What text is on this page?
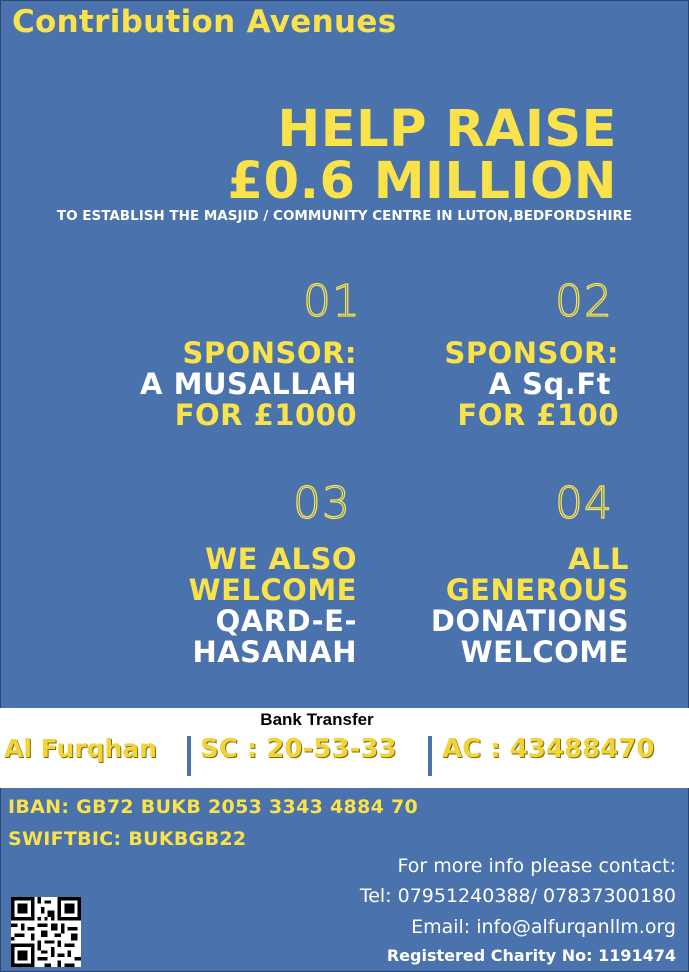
Contribution Avenues
HELP RAISE
£0.6 MILLION
TO ESTABLISH THE MASJID / COMMUNITY CENTRE IN LUTON,BEDFORDSHIRE
01
SPONSOR:
A MUSALLAH
FOR £1000
02
SPONSOR:
A Sq.Ft
FOR £100
03
WE ALSO
WELCOME
QARD-E-
HASANAH
04
ALL
GENEROUS
DONATIONS
WELCOME
Bank Transfer
Al Furqhan SC : 20-53-33 AC : 43488470
IBAN: GB72 BUKB 2053 3343 4884 70
SWIFTBIC: BUKBGB22
For more info please contact:
Tel: 07951240388/ 07837300180
Email: info@alfurqanllm.org
Registered Charity No: 1191474
